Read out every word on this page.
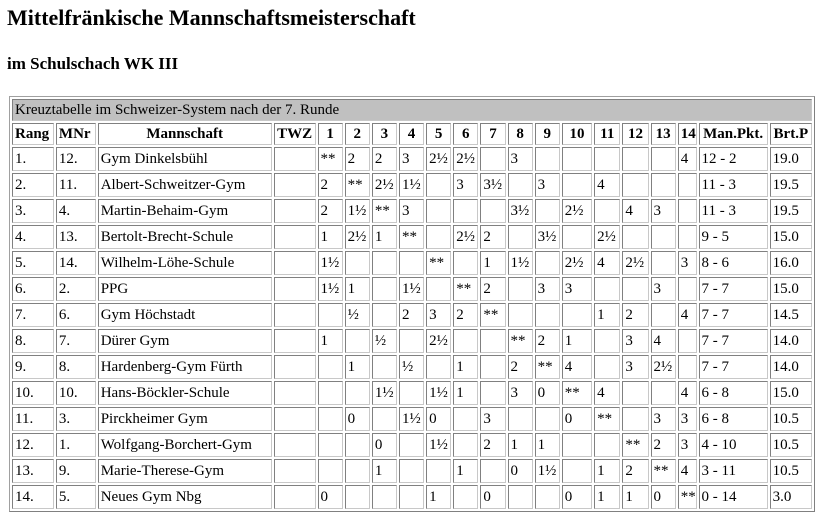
Mittelfränkische Mannschaftsmeisterschaft
im Schulschach WK III
Kreuztabelle im Schweizer-System nach der 7. Runde																			
Rang	MNr	Mannschaft	TWZ	1	2	3	4	5	6	7	8	9	10	11	12	13	14	Man.Pkt.	Brt.P
1.	12.	Gym Dinkelsbühl		**	2	2	3	2½	2½		3						4	12 - 2	19.0
2.	11.	Albert-Schweitzer-Gym		2	**	2½	1½		3	3½		3		4				11 - 3	19.5
3.	4.	Martin-Behaim-Gym		2	1½	**	3				3½		2½		4	3		11 - 3	19.5
4.	13.	Bertolt-Brecht-Schule		1	2½	1	**		2½	2		3½		2½				9 - 5	15.0
5.	14.	Wilhelm-Löhe-Schule		1½				**		1	1½		2½	4	2½		3	8 - 6	16.0
6.	2.	PPG		1½	1		1½		**	2		3	3			3		7 - 7	15.0
7.	6.	Gym Höchstadt			½		2	3	2	**				1	2		4	7 - 7	14.5
8.	7.	Dürer Gym		1		½		2½			**	2	1		3	4		7 - 7	14.0
9.	8.	Hardenberg-Gym Fürth			1		½		1		2	**	4		3	2½		7 - 7	14.0
10.	10.	Hans-Böckler-Schule				1½		1½	1		3	0	**	4			4	6 - 8	15.0
11.	3.	Pirckheimer Gym			0		1½	0		3			0	**		3	3	6 - 8	10.5
12.	1.	Wolfgang-Borchert-Gym				0		1½		2	1	1			**	2	3	4 - 10	10.5
13.	9.	Marie-Therese-Gym				1			1		0	1½		1	2	**	4	3 - 11	10.5
14.	5.	Neues Gym Nbg		0				1		0			0	1	1	0	**	0 - 14	3.0
